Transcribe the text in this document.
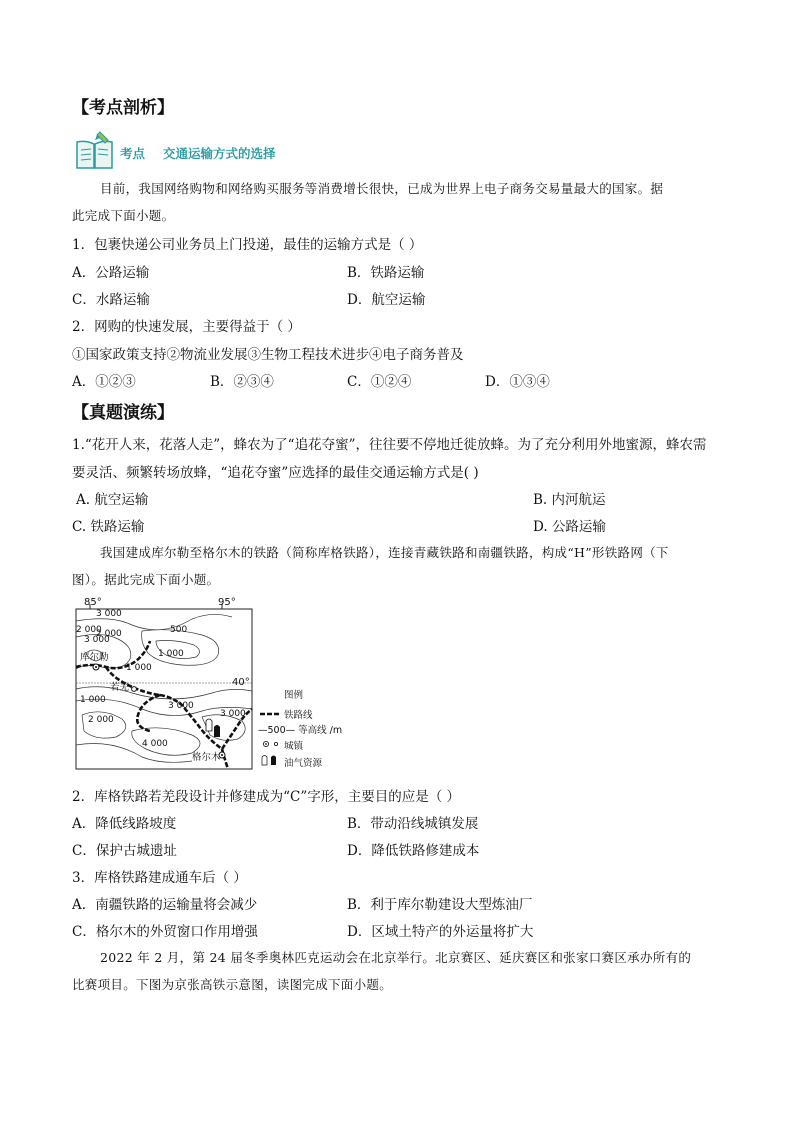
【考点剖析】
考点 交通运输方式的选择
目前，我国网络购物和网络购买服务等消费增长很快，已成为世界上电子商务交易量最大的国家。据
此完成下面小题。
1．包裹快递公司业务员上门投递，最佳的运输方式是（ ）
A．公路运输	B．铁路运输
C．水路运输	D．航空运输
2．网购的快速发展，主要得益于（ ）
①国家政策支持②物流业发展③生物工程技术进步④电子商务普及
A．①②③	B．②③④	C．①②④	D．①③④
【真题演练】
1.“花开人来，花落人走”，蜂农为了“追花夺蜜”，往往要不停地迁徙放蜂。为了充分利用外地蜜源，蜂农需
要灵活、频繁转场放蜂，“追花夺蜜”应选择的最佳交通运输方式是( )
A. 航空运输	B. 内河航运
C. 铁路运输	D. 公路运输
我国建成库尔勒至格尔木的铁路（简称库格铁路），连接青藏铁路和南疆铁路，构成“H”形铁路网（下
图）。据此完成下面小题。
85°	95°
40°
库尔勒
若羌
格尔木
3 000
2 000	500
1 000
3 000
2 000
1 000
1 000
3 000
3 000
2 000
4 000
图例
铁路线
—500— 等高线 /m
城镇
油气资源
2．库格铁路若羌段设计并修建成为“C”字形，主要目的应是（ ）
A．降低线路坡度	B．带动沿线城镇发展
C．保护古城遗址	D．降低铁路修建成本
3．库格铁路建成通车后（ ）
A．南疆铁路的运输量将会减少	B．利于库尔勒建设大型炼油厂
C．格尔木的外贸窗口作用增强	D．区域土特产的外运量将扩大
2022 年 2 月，第 24 届冬季奥林匹克运动会在北京举行。北京赛区、延庆赛区和张家口赛区承办所有的
比赛项目。下图为京张高铁示意图，读图完成下面小题。
